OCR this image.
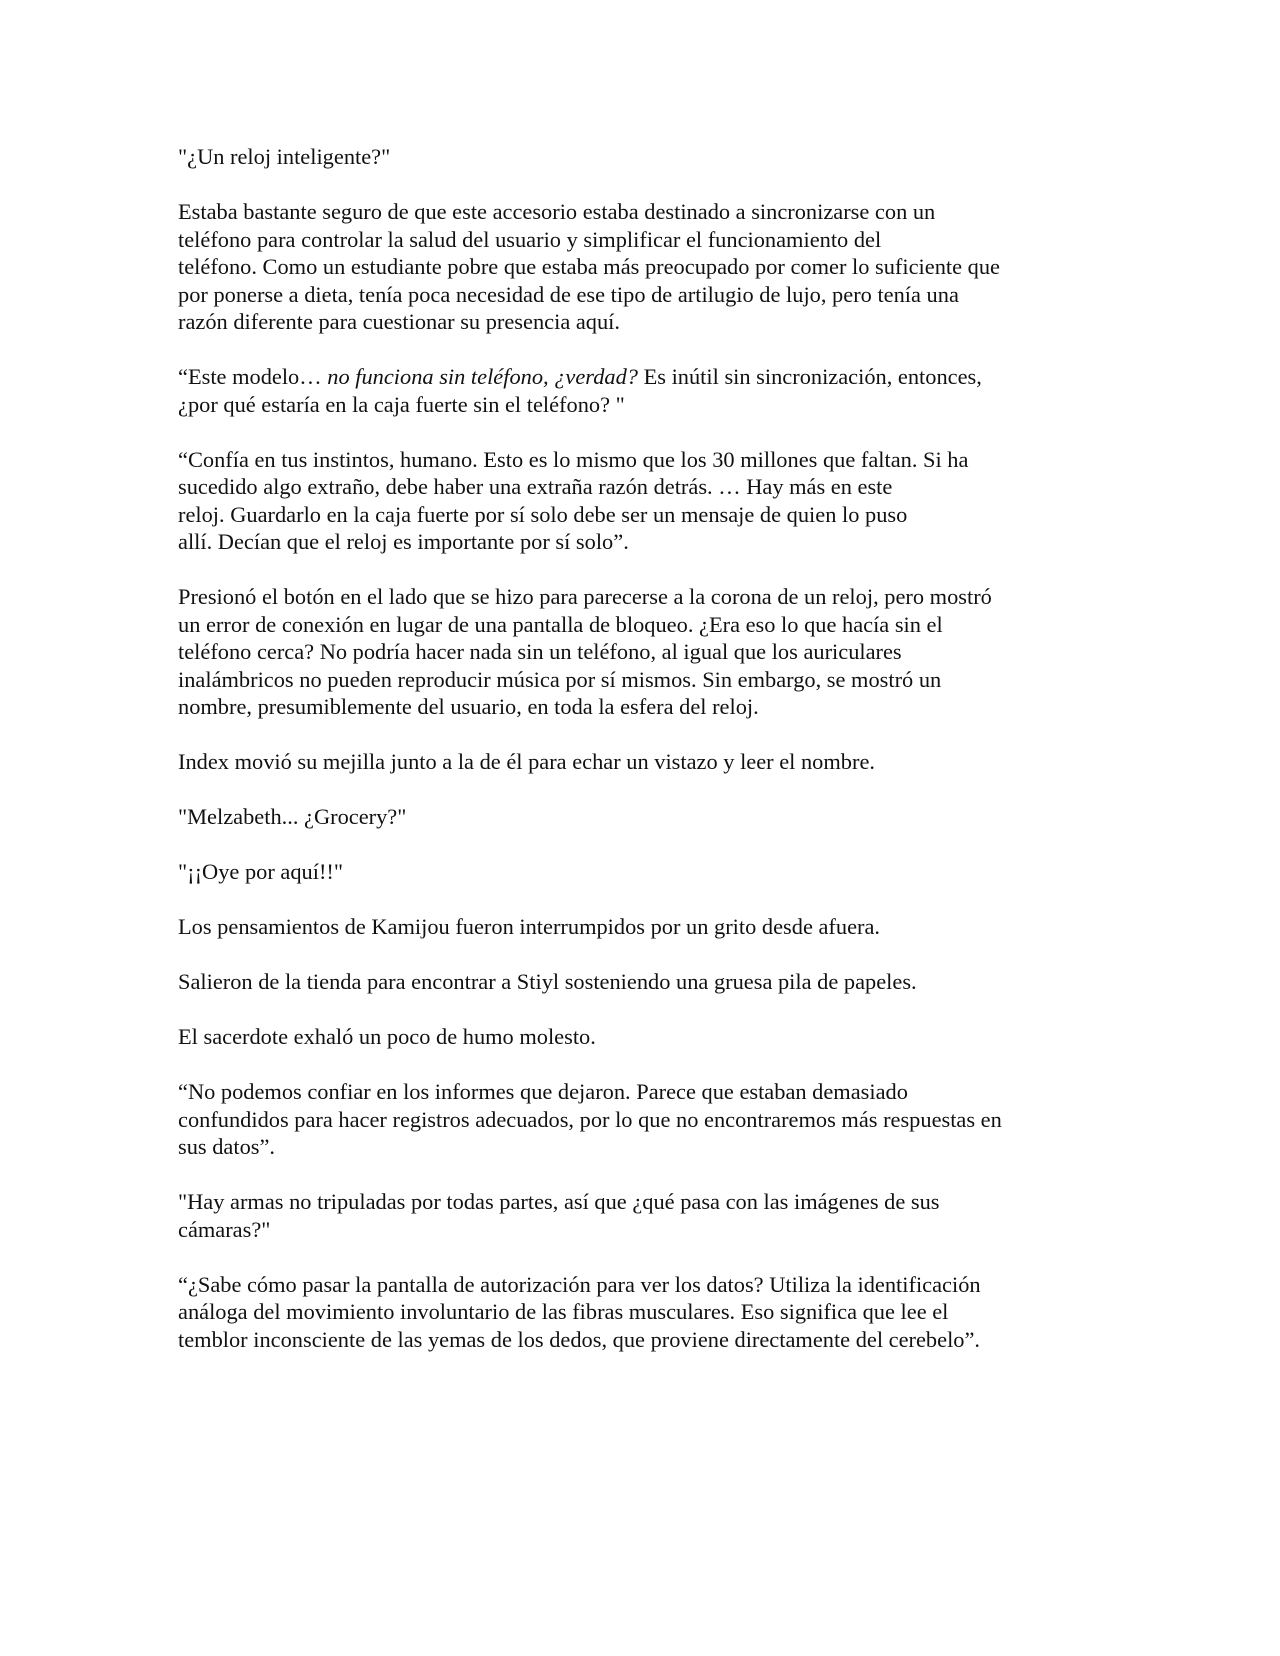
"¿Un reloj inteligente?"

Estaba bastante seguro de que este accesorio estaba destinado a sincronizarse con un
teléfono para controlar la salud del usuario y simplificar el funcionamiento del
teléfono. Como un estudiante pobre que estaba más preocupado por comer lo suficiente que
por ponerse a dieta, tenía poca necesidad de ese tipo de artilugio de lujo, pero tenía una
razón diferente para cuestionar su presencia aquí.

“Este modelo… no funciona sin teléfono, ¿verdad? Es inútil sin sincronización, entonces,
¿por qué estaría en la caja fuerte sin el teléfono? "

“Confía en tus instintos, humano. Esto es lo mismo que los 30 millones que faltan. Si ha
sucedido algo extraño, debe haber una extraña razón detrás. … Hay más en este
reloj. Guardarlo en la caja fuerte por sí solo debe ser un mensaje de quien lo puso
allí. Decían que el reloj es importante por sí solo”.

Presionó el botón en el lado que se hizo para parecerse a la corona de un reloj, pero mostró
un error de conexión en lugar de una pantalla de bloqueo. ¿Era eso lo que hacía sin el
teléfono cerca? No podría hacer nada sin un teléfono, al igual que los auriculares
inalámbricos no pueden reproducir música por sí mismos. Sin embargo, se mostró un
nombre, presumiblemente del usuario, en toda la esfera del reloj.

Index movió su mejilla junto a la de él para echar un vistazo y leer el nombre.

"Melzabeth... ¿Grocery?"

"¡¡Oye por aquí!!"

Los pensamientos de Kamijou fueron interrumpidos por un grito desde afuera.

Salieron de la tienda para encontrar a Stiyl sosteniendo una gruesa pila de papeles.

El sacerdote exhaló un poco de humo molesto.

“No podemos confiar en los informes que dejaron. Parece que estaban demasiado
confundidos para hacer registros adecuados, por lo que no encontraremos más respuestas en
sus datos”.

"Hay armas no tripuladas por todas partes, así que ¿qué pasa con las imágenes de sus
cámaras?"

“¿Sabe cómo pasar la pantalla de autorización para ver los datos? Utiliza la identificación
análoga del movimiento involuntario de las fibras musculares. Eso significa que lee el
temblor inconsciente de las yemas de los dedos, que proviene directamente del cerebelo”.
